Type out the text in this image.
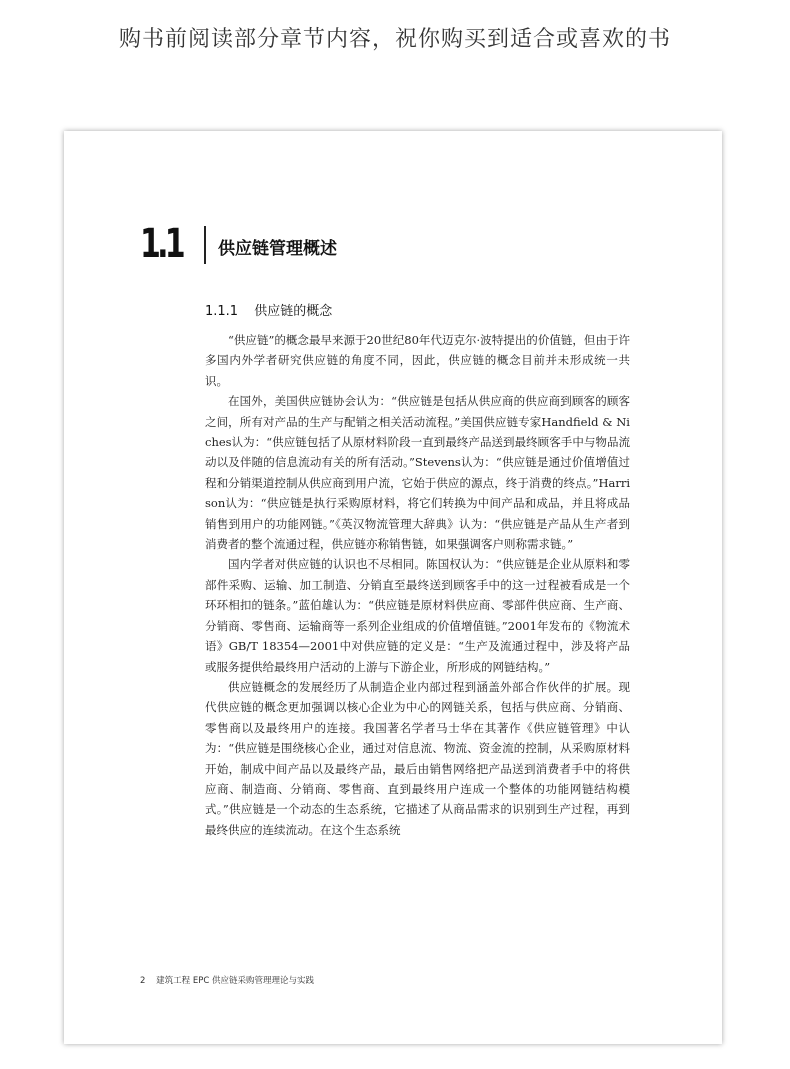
购书前阅读部分章节内容，祝你购买到适合或喜欢的书
1.1 供应链管理概述
1.1.1 供应链的概念

“供应链”的概念最早来源于20世纪80年代迈克尔·波特提出的价值链，但由于许多国内外学者研究供应链的角度不同，因此，供应链的概念目前并未形成统一共识。

在国外，美国供应链协会认为：“供应链是包括从供应商的供应商到顾客的顾客之间，所有对产品的生产与配销之相关活动流程。”美国供应链专家Handfield & Niches认为：“供应链包括了从原材料阶段一直到最终产品送到最终顾客手中与物品流动以及伴随的信息流动有关的所有活动。”Stevens认为：“供应链是通过价值增值过程和分销渠道控制从供应商到用户流，它始于供应的源点，终于消费的终点。”Harrison认为：“供应链是执行采购原材料，将它们转换为中间产品和成品，并且将成品销售到用户的功能网链。”《英汉物流管理大辞典》认为：“供应链是产品从生产者到消费者的整个流通过程，供应链亦称销售链，如果强调客户则称需求链。”

国内学者对供应链的认识也不尽相同。陈国权认为：“供应链是企业从原料和零部件采购、运输、加工制造、分销直至最终送到顾客手中的这一过程被看成是一个环环相扣的链条。”蓝伯雄认为：“供应链是原材料供应商、零部件供应商、生产商、分销商、零售商、运输商等一系列企业组成的价值增值链。”2001年发布的《物流术语》GB/T 18354—2001中对供应链的定义是：“生产及流通过程中，涉及将产品或服务提供给最终用户活动的上游与下游企业，所形成的网链结构。”

供应链概念的发展经历了从制造企业内部过程到涵盖外部合作伙伴的扩展。现代供应链的概念更加强调以核心企业为中心的网链关系，包括与供应商、分销商、零售商以及最终用户的连接。我国著名学者马士华在其著作《供应链管理》中认为：“供应链是围绕核心企业，通过对信息流、物流、资金流的控制，从采购原材料开始，制成中间产品以及最终产品，最后由销售网络把产品送到消费者手中的将供应商、制造商、分销商、零售商、直到最终用户连成一个整体的功能网链结构模式。”供应链是一个动态的生态系统，它描述了从商品需求的识别到生产过程，再到最终供应的连续流动。在这个生态系统

2 建筑工程 EPC 供应链采购管理理论与实践
